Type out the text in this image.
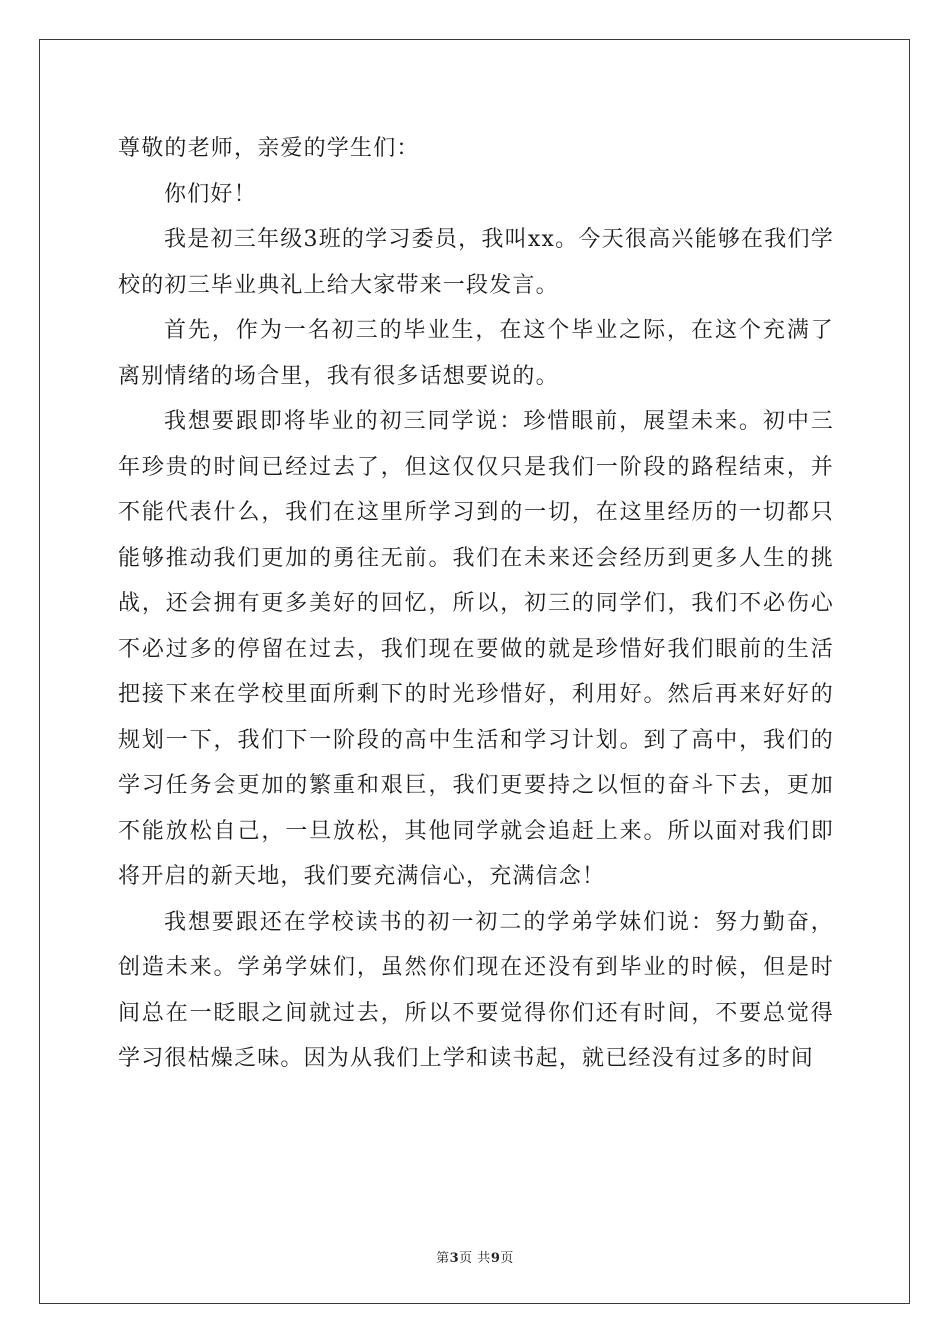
尊敬的老师，亲爱的学生们：

你们好！

我是初三年级3班的学习委员，我叫xx。今天很高兴能够在我们学校的初三毕业典礼上给大家带来一段发言。

首先，作为一名初三的毕业生，在这个毕业之际，在这个充满了离别情绪的场合里，我有很多话想要说的。

我想要跟即将毕业的初三同学说：珍惜眼前，展望未来。初中三年珍贵的时间已经过去了，但这仅仅只是我们一阶段的路程结束，并不能代表什么，我们在这里所学习到的一切，在这里经历的一切都只能够推动我们更加的勇往无前。我们在未来还会经历到更多人生的挑战，还会拥有更多美好的回忆，所以，初三的同学们，我们不必伤心不必过多的停留在过去，我们现在要做的就是珍惜好我们眼前的生活把接下来在学校里面所剩下的时光珍惜好，利用好。然后再来好好的规划一下，我们下一阶段的高中生活和学习计划。到了高中，我们的学习任务会更加的繁重和艰巨，我们更要持之以恒的奋斗下去，更加不能放松自己，一旦放松，其他同学就会追赶上来。所以面对我们即将开启的新天地，我们要充满信心，充满信念！

我想要跟还在学校读书的初一初二的学弟学妹们说：努力勤奋，创造未来。学弟学妹们，虽然你们现在还没有到毕业的时候，但是时间总在一眨眼之间就过去，所以不要觉得你们还有时间，不要总觉得学习很枯燥乏味。因为从我们上学和读书起，就已经没有过多的时间

第3页 共9页
